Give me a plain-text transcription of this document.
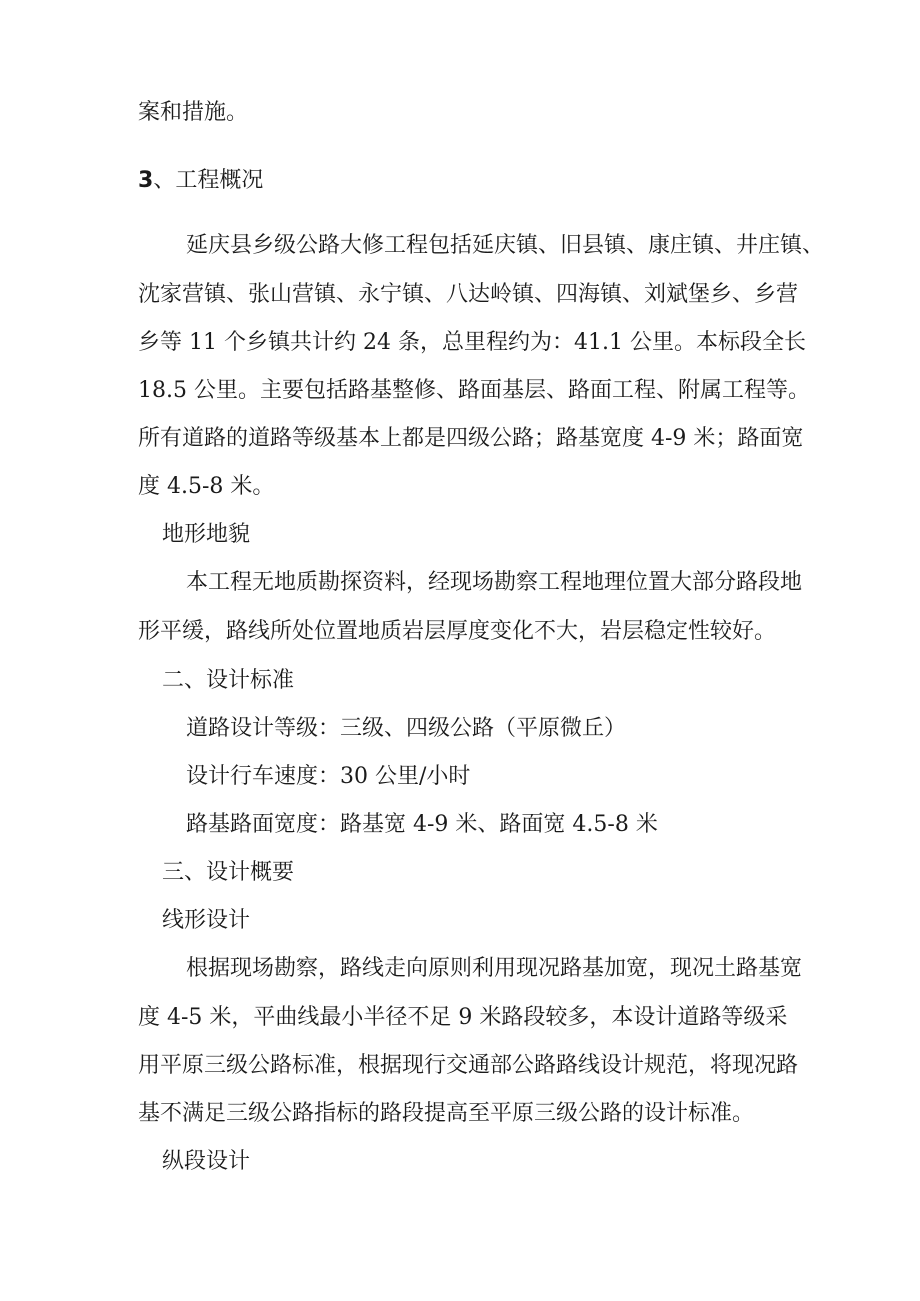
案和措施。

3、工程概况

延庆县乡级公路大修工程包括延庆镇、旧县镇、康庄镇、井庄镇、

沈家营镇、张山营镇、永宁镇、八达岭镇、四海镇、刘斌堡乡、乡营

乡等 11 个乡镇共计约 24 条，总里程约为：41.1 公里。本标段全长

18.5 公里。主要包括路基整修、路面基层、路面工程、附属工程等。

所有道路的道路等级基本上都是四级公路；路基宽度 4-9 米；路面宽

度 4.5-8 米。

地形地貌

本工程无地质勘探资料，经现场勘察工程地理位置大部分路段地

形平缓，路线所处位置地质岩层厚度变化不大，岩层稳定性较好。

二、设计标准

道路设计等级：三级、四级公路（平原微丘）

设计行车速度：30 公里/小时

路基路面宽度：路基宽 4-9 米、路面宽 4.5-8 米

三、设计概要

线形设计

根据现场勘察，路线走向原则利用现况路基加宽，现况土路基宽

度 4-5 米，平曲线最小半径不足 9 米路段较多，本设计道路等级采

用平原三级公路标准，根据现行交通部公路路线设计规范，将现况路

基不满足三级公路指标的路段提高至平原三级公路的设计标准。

纵段设计
